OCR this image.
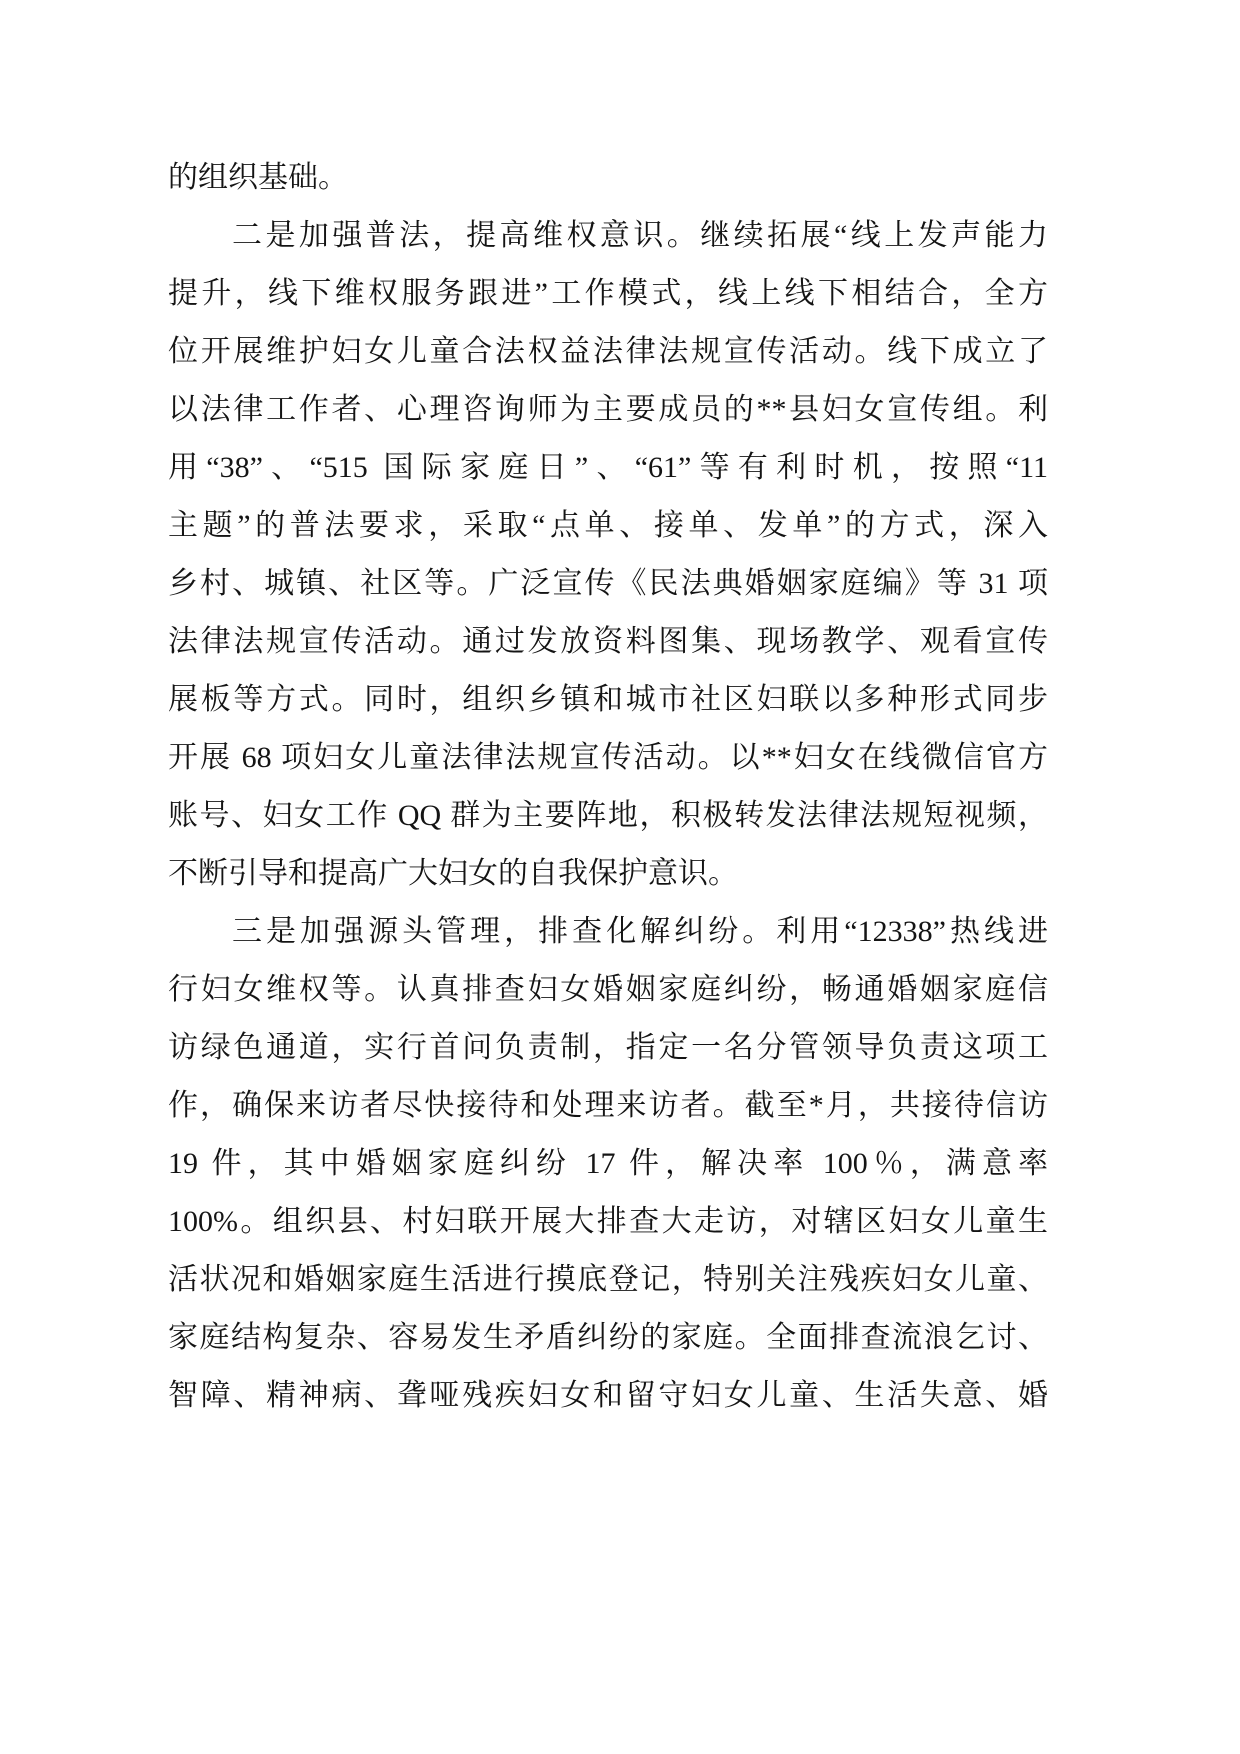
的组织基础。
二是加强普法，提高维权意识。继续拓展“线上发声能力
提升，线下维权服务跟进”工作模式，线上线下相结合，全方
位开展维护妇女儿童合法权益法律法规宣传活动。线下成立了
以法律工作者、心理咨询师为主要成员的**县妇女宣传组。利
用“38”、“515 国际家庭日”、“61”等有利时机，按照“11
主题”的普法要求，采取“点单、接单、发单”的方式，深入
乡村、城镇、社区等。广泛宣传《民法典婚姻家庭编》等 31 项
法律法规宣传活动。通过发放资料图集、现场教学、观看宣传
展板等方式。同时，组织乡镇和城市社区妇联以多种形式同步
开展 68 项妇女儿童法律法规宣传活动。以**妇女在线微信官方
账号、妇女工作 QQ 群为主要阵地，积极转发法律法规短视频，
不断引导和提高广大妇女的自我保护意识。
三是加强源头管理，排查化解纠纷。利用“12338”热线进
行妇女维权等。认真排查妇女婚姻家庭纠纷，畅通婚姻家庭信
访绿色通道，实行首问负责制，指定一名分管领导负责这项工
作，确保来访者尽快接待和处理来访者。截至*月，共接待信访
19 件，其中婚姻家庭纠纷 17 件，解决率 100％，满意率
100%。组织县、村妇联开展大排查大走访，对辖区妇女儿童生
活状况和婚姻家庭生活进行摸底登记，特别关注残疾妇女儿童、
家庭结构复杂、容易发生矛盾纠纷的家庭。全面排查流浪乞讨、
智障、精神病、聋哑残疾妇女和留守妇女儿童、生活失意、婚
